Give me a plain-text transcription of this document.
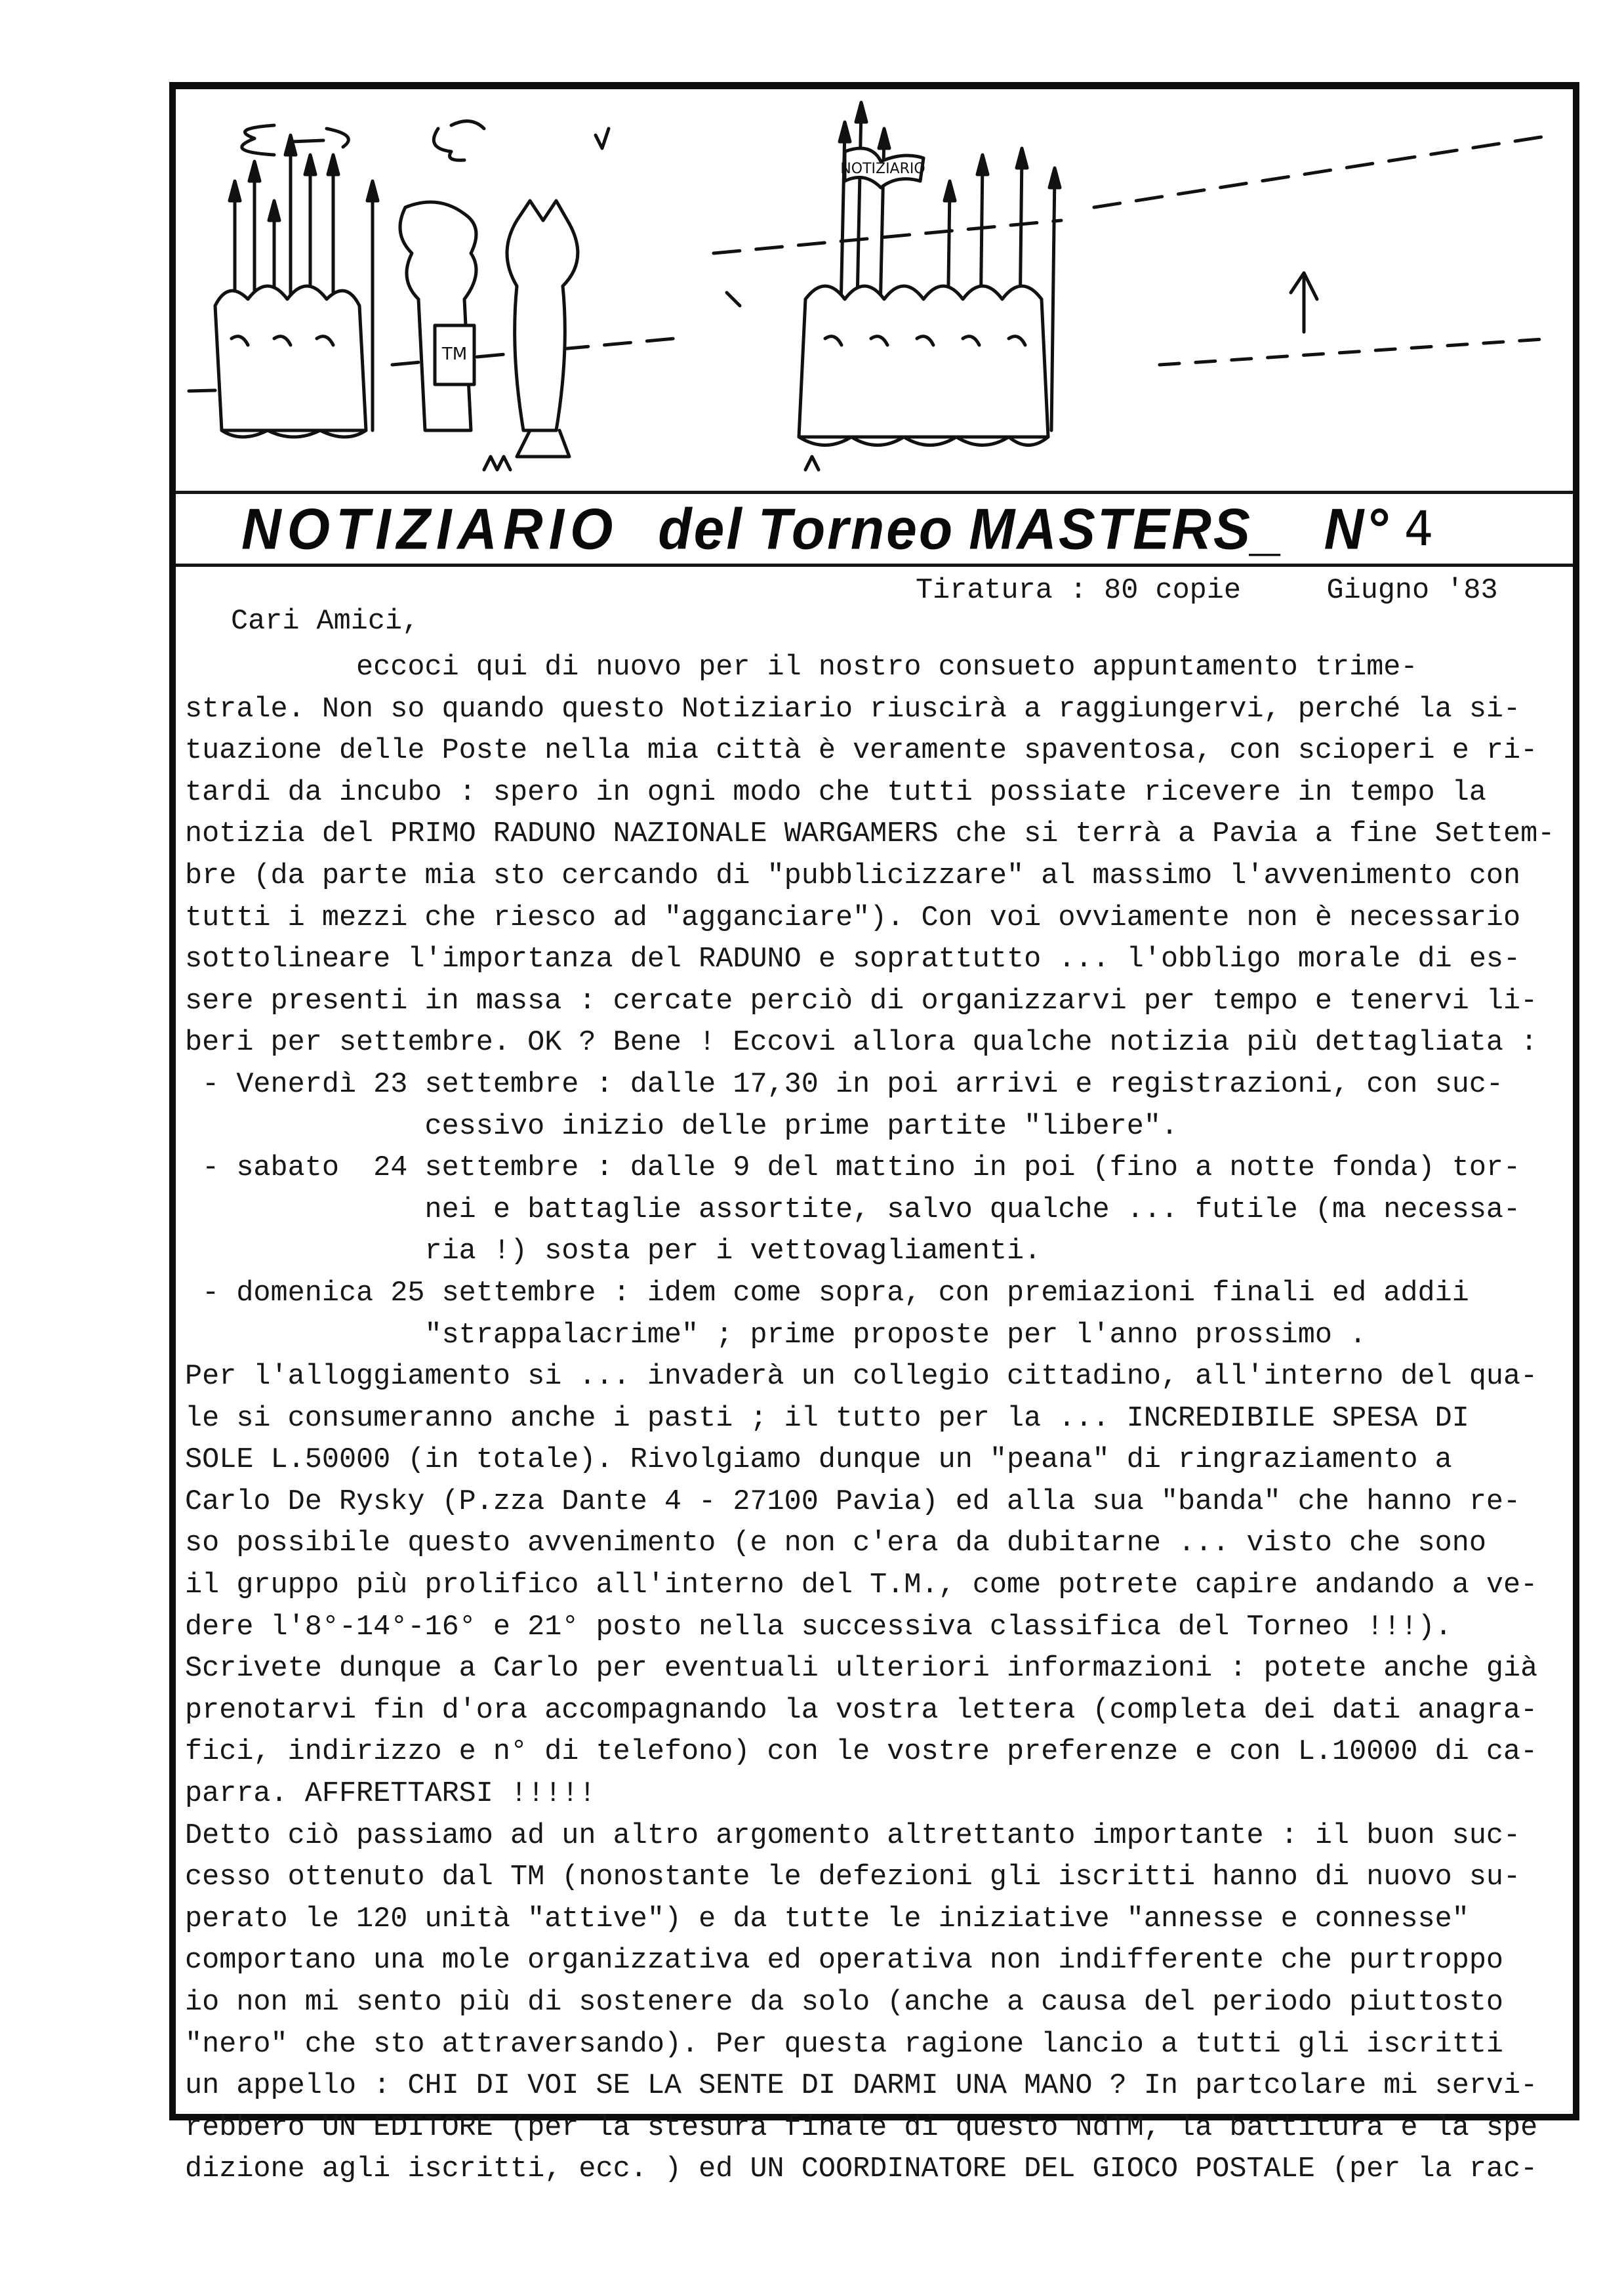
NOTIZIARIO
TM
NOTIZIARIO del Torneo MASTERS _ N° 4
Tiratura : 80 copie	Giugno '83
Cari Amici,
eccoci qui di nuovo per il nostro consueto appuntamento trime-
strale. Non so quando questo Notiziario riuscirà a raggiungervi, perché la si-
tuazione delle Poste nella mia città è veramente spaventosa, con scioperi e ri-
tardi da incubo : spero in ogni modo che tutti possiate ricevere in tempo la
notizia del PRIMO RADUNO NAZIONALE WARGAMERS che si terrà a Pavia a fine Settem-
bre (da parte mia sto cercando di "pubblicizzare" al massimo l'avvenimento con
tutti i mezzi che riesco ad "agganciare"). Con voi ovviamente non è necessario
sottolineare l'importanza del RADUNO e soprattutto ... l'obbligo morale di es-
sere presenti in massa : cercate perciò di organizzarvi per tempo e tenervi li-
beri per settembre. OK ? Bene ! Eccovi allora qualche notizia più dettagliata :
- Venerdì 23 settembre : dalle 17,30 in poi arrivi e registrazioni, con suc-
cessivo inizio delle prime partite "libere".
- sabato  24 settembre : dalle 9 del mattino in poi (fino a notte fonda) tor-
nei e battaglie assortite, salvo qualche ... futile (ma necessa-
ria !) sosta per i vettovagliamenti.
- domenica 25 settembre : idem come sopra, con premiazioni finali ed addii
"strappalacrime" ; prime proposte per l'anno prossimo .
Per l'alloggiamento si ... invaderà un collegio cittadino, all'interno del qua-
le si consumeranno anche i pasti ; il tutto per la ... INCREDIBILE SPESA DI
SOLE L.50000 (in totale). Rivolgiamo dunque un "peana" di ringraziamento a
Carlo De Rysky (P.zza Dante 4 - 27100 Pavia) ed alla sua "banda" che hanno re-
so possibile questo avvenimento (e non c'era da dubitarne ... visto che sono
il gruppo più prolifico all'interno del T.M., come potrete capire andando a ve-
dere l'8°-14°-16° e 21° posto nella successiva classifica del Torneo !!!).
Scrivete dunque a Carlo per eventuali ulteriori informazioni : potete anche già
prenotarvi fin d'ora accompagnando la vostra lettera (completa dei dati anagra-
fici, indirizzo e n° di telefono) con le vostre preferenze e con L.10000 di ca-
parra. AFFRETTARSI !!!!!
Detto ciò passiamo ad un altro argomento altrettanto importante : il buon suc-
cesso ottenuto dal TM (nonostante le defezioni gli iscritti hanno di nuovo su-
perato le 120 unità "attive") e da tutte le iniziative "annesse e connesse"
comportano una mole organizzativa ed operativa non indifferente che purtroppo
io non mi sento più di sostenere da solo (anche a causa del periodo piuttosto
"nero" che sto attraversando). Per questa ragione lancio a tutti gli iscritti
un appello : CHI DI VOI SE LA SENTE DI DARMI UNA MANO ? In partcolare mi servi-
rebbero UN EDITORE (per la stesura finale di questo NdTM, la battitura e la spe
dizione agli iscritti, ecc. ) ed UN COORDINATORE DEL GIOCO POSTALE (per la rac-
